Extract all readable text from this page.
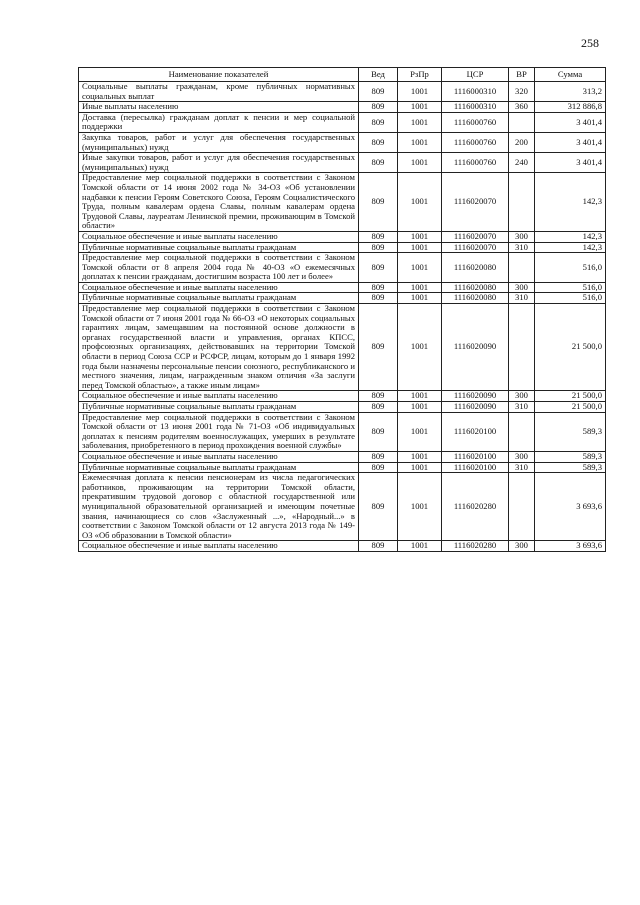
258
Наименование показателей	Вед	РзПр	ЦСР	ВР	Сумма
Социальные выплаты гражданам, кроме публичных нормативных социальных выплат	809	1001	1116000310	320	313,2
Иные выплаты населению	809	1001	1116000310	360	312 886,8
Доставка (пересылка) гражданам доплат к пенсии и мер социальной поддержки	809	1001	1116000760		3 401,4
Закупка товаров, работ и услуг для обеспечения государственных (муниципальных) нужд	809	1001	1116000760	200	3 401,4
Иные закупки товаров, работ и услуг для обеспечения государственных (муниципальных) нужд	809	1001	1116000760	240	3 401,4
Предоставление мер социальной поддержки в соответствии с Законом Томской области от 14 июня 2002 года № 34-ОЗ «Об установлении надбавки к пенсии Героям Советского Союза, Героям Социалистического Труда, полным кавалерам ордена Славы, полным кавалерам ордена Трудовой Славы, лауреатам Ленинской премии, проживающим в Томской области»	809	1001	1116020070		142,3
Социальное обеспечение и иные выплаты населению	809	1001	1116020070	300	142,3
Публичные нормативные социальные выплаты гражданам	809	1001	1116020070	310	142,3
Предоставление мер социальной поддержки в соответствии с Законом Томской области от 8 апреля 2004 года № 40-ОЗ «О ежемесячных доплатах к пенсии гражданам, достигшим возраста 100 лет и более»	809	1001	1116020080		516,0
Социальное обеспечение и иные выплаты населению	809	1001	1116020080	300	516,0
Публичные нормативные социальные выплаты гражданам	809	1001	1116020080	310	516,0
Предоставление мер социальной поддержки в соответствии с Законом Томской области от 7 июня 2001 года № 66-ОЗ «О некоторых социальных гарантиях лицам, замещавшим на постоянной основе должности в органах государственной власти и управления, органах КПСС, профсоюзных организациях, действовавших на территории Томской области в период Союза ССР и РСФСР, лицам, которым до 1 января 1992 года были назначены персональные пенсии союзного, республиканского и местного значения, лицам, награжденным знаком отличия «За заслуги перед Томской областью», а также иным лицам»	809	1001	1116020090		21 500,0
Социальное обеспечение и иные выплаты населению	809	1001	1116020090	300	21 500,0
Публичные нормативные социальные выплаты гражданам	809	1001	1116020090	310	21 500,0
Предоставление мер социальной поддержки в соответствии с Законом Томской области от 13 июня 2001 года № 71-ОЗ «Об индивидуальных доплатах к пенсиям родителям военнослужащих, умерших в результате заболевания, приобретенного в период прохождения военной службы»	809	1001	1116020100		589,3
Социальное обеспечение и иные выплаты населению	809	1001	1116020100	300	589,3
Публичные нормативные социальные выплаты гражданам	809	1001	1116020100	310	589,3
Ежемесячная доплата к пенсии пенсионерам из числа педагогических работников, проживающим на территории Томской области, прекратившим трудовой договор с областной государственной или муниципальной образовательной организацией и имеющим почетные звания, начинающиеся со слов «Заслуженный ...», «Народный...» в соответствии с Законом Томской области от 12 августа 2013 года № 149-ОЗ «Об образовании в Томской области»	809	1001	1116020280		3 693,6
Социальное обеспечение и иные выплаты населению	809	1001	1116020280	300	3 693,6
